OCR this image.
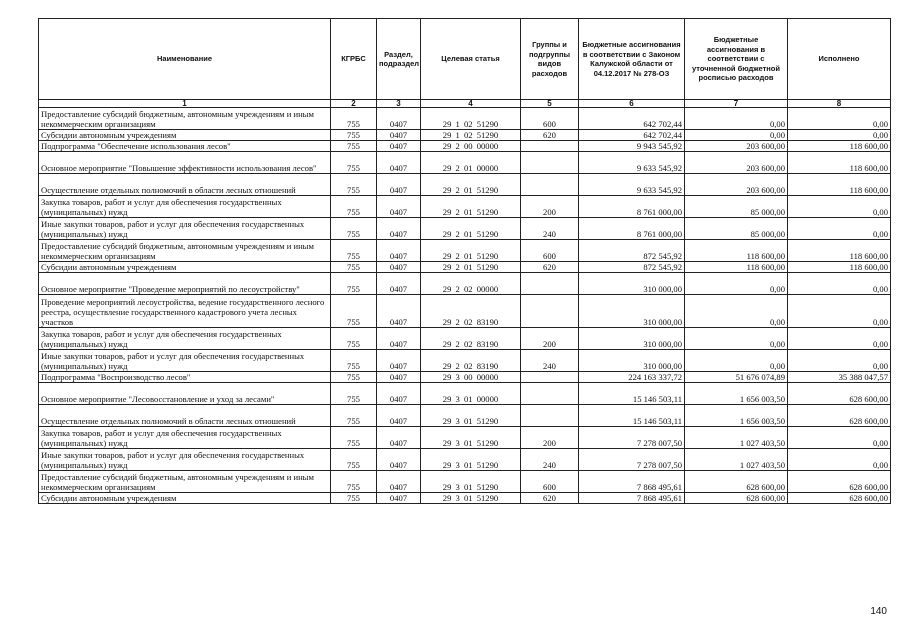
Наименование	КГРБС	Раздел, подраздел	Целевая статья	Группы и подгруппы видов расходов	Бюджетные ассигнования в соответствии с Законом Калужской области от 04.12.2017 № 278-ОЗ	Бюджетные ассигнования в соответствии с уточненной бюджетной росписью расходов	Исполнено
1	2	3	4	5	6	7	8
Предоставление субсидий бюджетным, автономным учреждениям и иным некоммерческим организациям	755	0407	29 1 02 51290	600	642 702,44	0,00	0,00
Субсидии автономным учреждениям	755	0407	29 1 02 51290	620	642 702,44	0,00	0,00
Подпрограмма "Обеспечение использования лесов"	755	0407	29 2 00 00000		9 943 545,92	203 600,00	118 600,00
Основное мероприятие "Повышение эффективности использования лесов"	755	0407	29 2 01 00000		9 633 545,92	203 600,00	118 600,00
Осуществление отдельных полномочий в области лесных отношений	755	0407	29 2 01 51290		9 633 545,92	203 600,00	118 600,00
Закупка товаров, работ и услуг для обеспечения государственных (муниципальных) нужд	755	0407	29 2 01 51290	200	8 761 000,00	85 000,00	0,00
Иные закупки товаров, работ и услуг для обеспечения государственных (муниципальных) нужд	755	0407	29 2 01 51290	240	8 761 000,00	85 000,00	0,00
Предоставление субсидий бюджетным, автономным учреждениям и иным некоммерческим организациям	755	0407	29 2 01 51290	600	872 545,92	118 600,00	118 600,00
Субсидии автономным учреждениям	755	0407	29 2 01 51290	620	872 545,92	118 600,00	118 600,00
Основное мероприятие "Проведение мероприятий по лесоустройству"	755	0407	29 2 02 00000		310 000,00	0,00	0,00
Проведение мероприятий лесоустройства, ведение государственного лесного реестра, осуществление государственного кадастрового учета лесных участков	755	0407	29 2 02 83190		310 000,00	0,00	0,00
Закупка товаров, работ и услуг для обеспечения государственных (муниципальных) нужд	755	0407	29 2 02 83190	200	310 000,00	0,00	0,00
Иные закупки товаров, работ и услуг для обеспечения государственных (муниципальных) нужд	755	0407	29 2 02 83190	240	310 000,00	0,00	0,00
Подпрограмма "Воспроизводство лесов"	755	0407	29 3 00 00000		224 163 337,72	51 676 074,89	35 388 047,57
Основное мероприятие "Лесовосстановление и уход за лесами"	755	0407	29 3 01 00000		15 146 503,11	1 656 003,50	628 600,00
Осуществление отдельных полномочий в области лесных отношений	755	0407	29 3 01 51290		15 146 503,11	1 656 003,50	628 600,00
Закупка товаров, работ и услуг для обеспечения государственных (муниципальных) нужд	755	0407	29 3 01 51290	200	7 278 007,50	1 027 403,50	0,00
Иные закупки товаров, работ и услуг для обеспечения государственных (муниципальных) нужд	755	0407	29 3 01 51290	240	7 278 007,50	1 027 403,50	0,00
Предоставление субсидий бюджетным, автономным учреждениям и иным некоммерческим организациям	755	0407	29 3 01 51290	600	7 868 495,61	628 600,00	628 600,00
Субсидии автономным учреждениям	755	0407	29 3 01 51290	620	7 868 495,61	628 600,00	628 600,00
140
